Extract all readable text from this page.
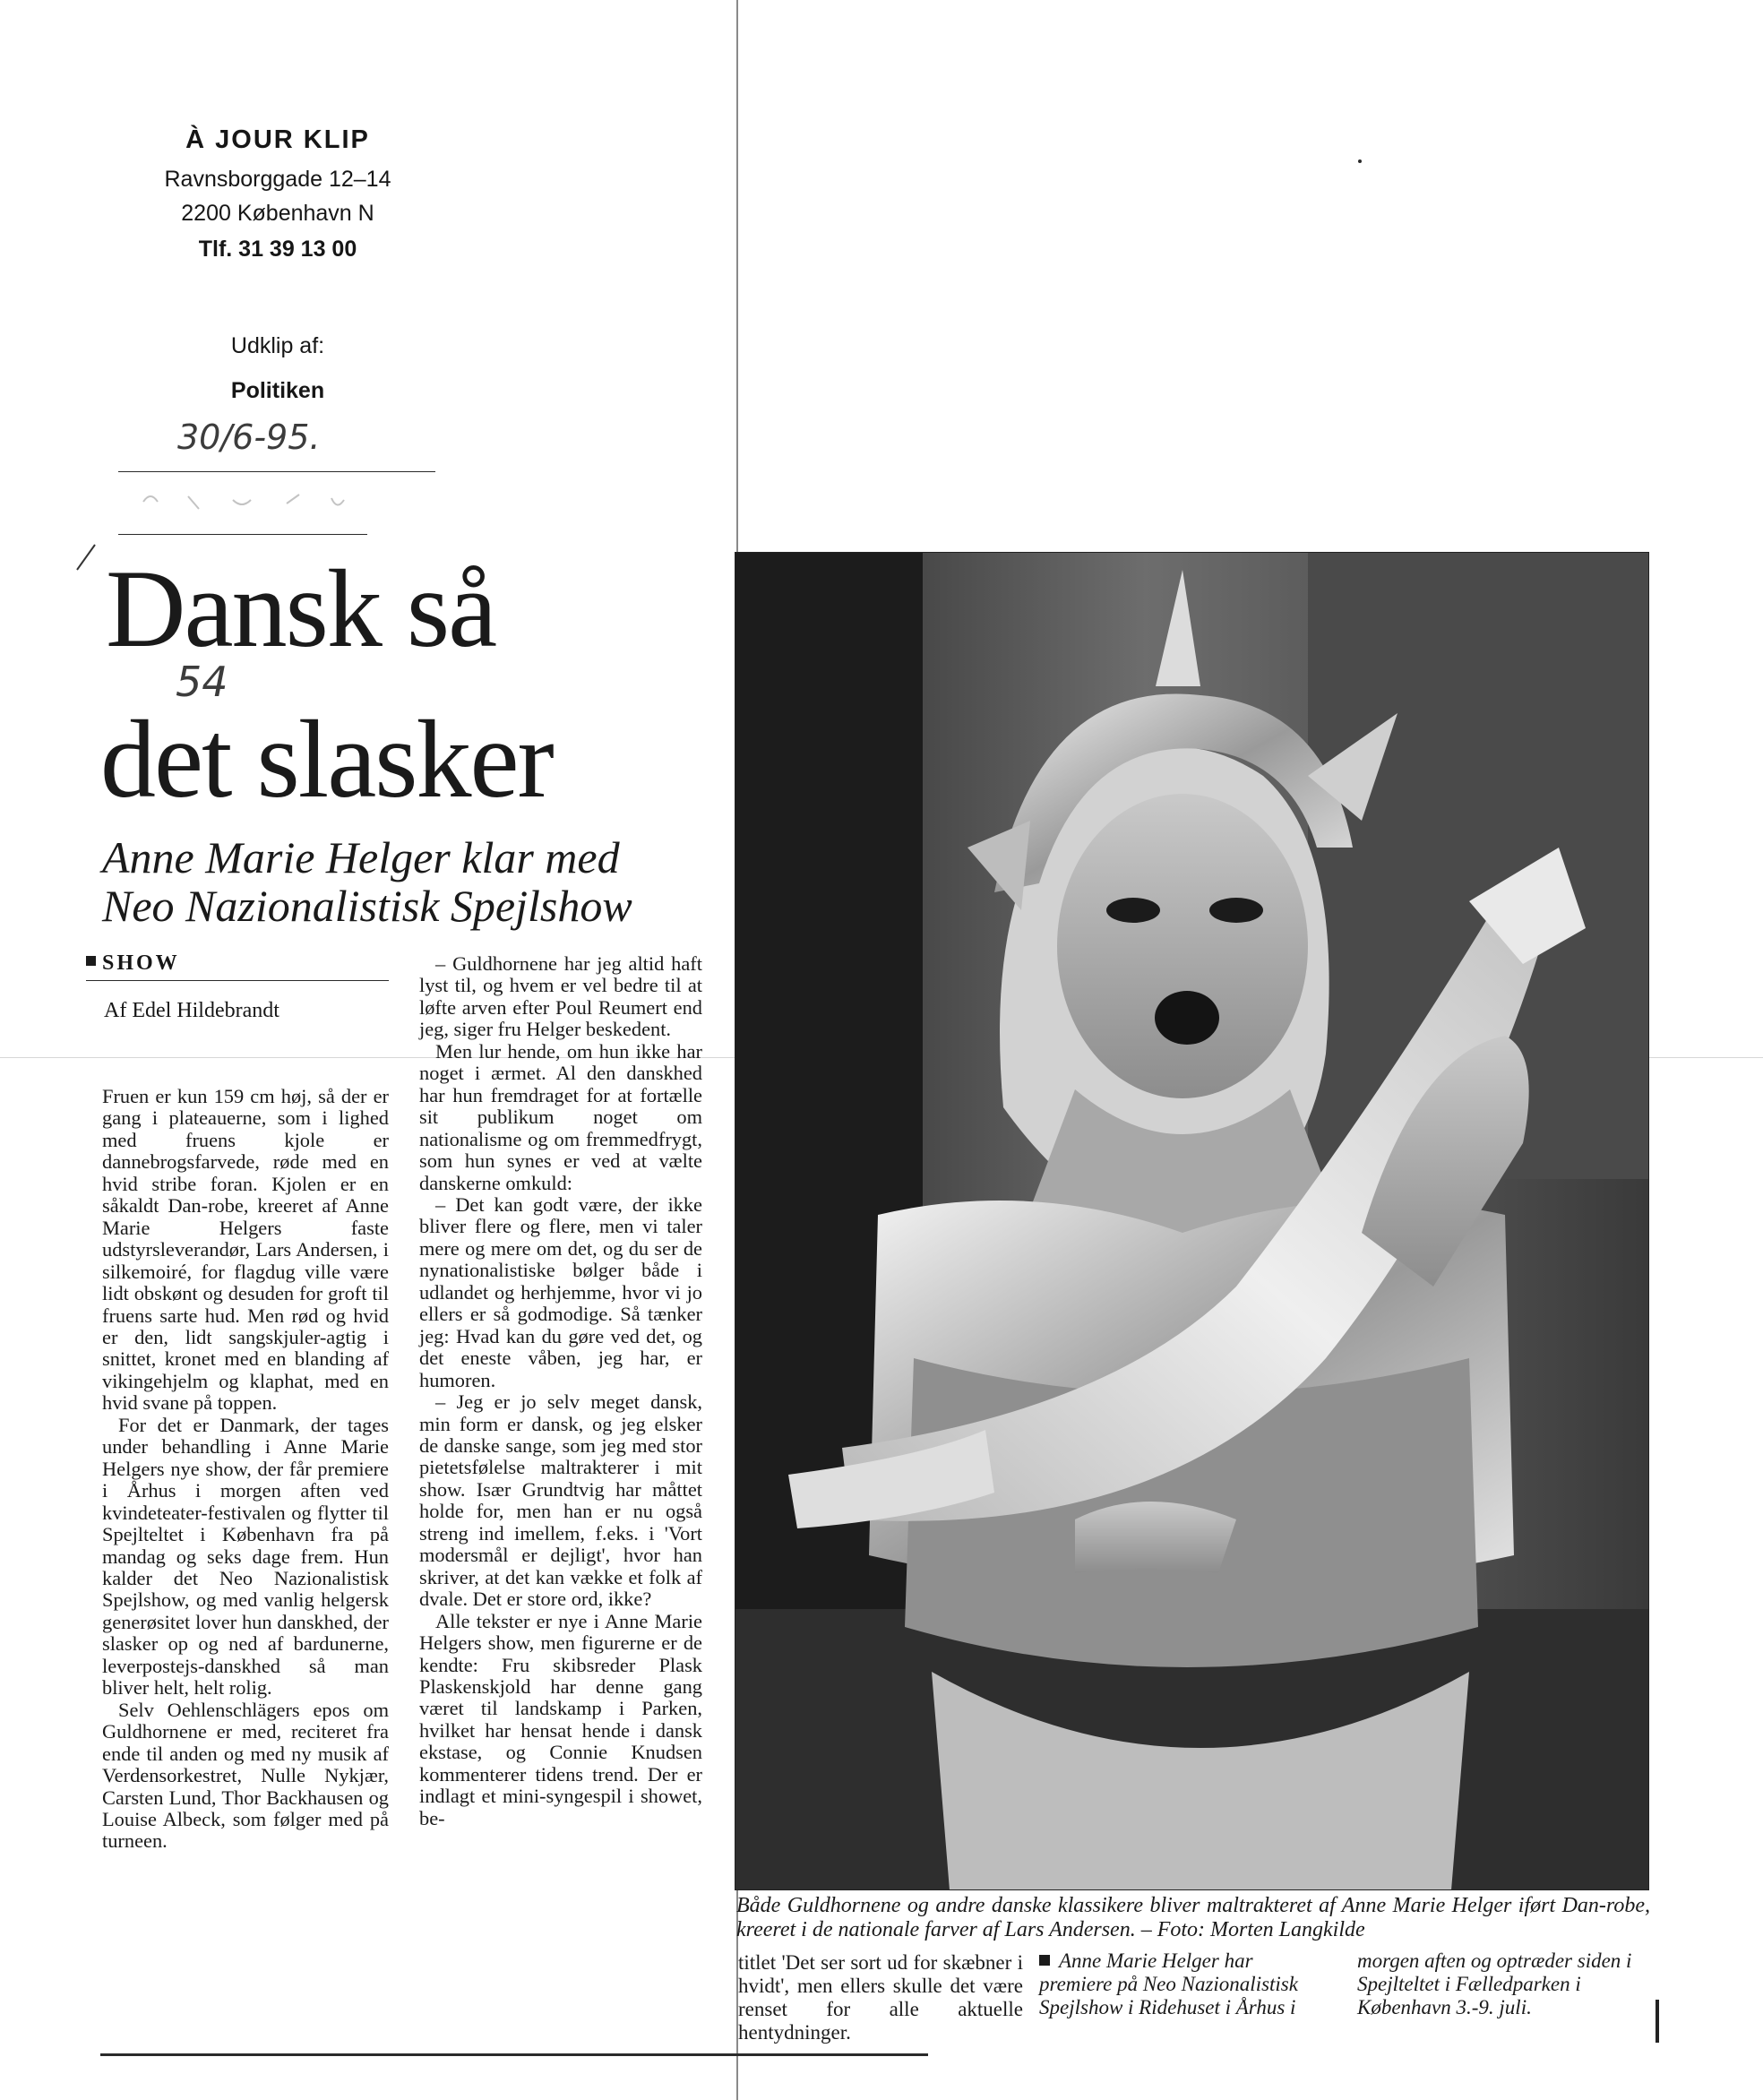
À JOUR KLIP
Ravnsborggade 12–14
2200 København N
Tlf. 31 39 13 00
Udklip af:
Politiken
30/6-95.
Dansk så
54
det slasker
Anne Marie Helger klar med
Neo Nazionalistisk Spejlshow
SHOW
Af Edel Hildebrandt

Fruen er kun 159 cm høj, så der er gang i plateauerne, som i lighed med fruens kjole er dannebrogsfarvede, røde med en hvid stribe foran. Kjolen er en såkaldt Dan-robe, kreeret af Anne Marie Helgers faste udstyrsleverandør, Lars Andersen, i silkemoiré, for flagdug ville være lidt obskønt og desuden for groft til fruens sarte hud. Men rød og hvid er den, lidt sangskjuler-agtig i snittet, kronet med en blanding af vikingehjelm og klaphat, med en hvid svane på toppen.

For det er Danmark, der tages under behandling i Anne Marie Helgers nye show, der får premiere i Århus i morgen aften ved kvindeteater-festivalen og flytter til Spejlteltet i København fra på mandag og seks dage frem. Hun kalder det Neo Nazionalistisk Spejlshow, og med vanlig helgersk generøsitet lover hun danskhed, der slasker op og ned af bardunerne, leverpostejs-danskhed så man bliver helt, helt rolig.

Selv Oehlenschlägers epos om Guldhornene er med, reciteret fra ende til anden og med ny musik af Verdensorkestret, Nulle Nykjær, Carsten Lund, Thor Backhausen og Louise Albeck, som følger med på turneen.

– Guldhornene har jeg altid haft lyst til, og hvem er vel bedre til at løfte arven efter Poul Reumert end jeg, siger fru Helger beskedent.

Men lur hende, om hun ikke har noget i ærmet. Al den danskhed har hun fremdraget for at fortælle sit publikum noget om nationalisme og om fremmedfrygt, som hun synes er ved at vælte danskerne omkuld:

– Det kan godt være, der ikke bliver flere og flere, men vi taler mere og mere om det, og du ser de nynationalistiske bølger både i udlandet og herhjemme, hvor vi jo ellers er så godmodige. Så tænker jeg: Hvad kan du gøre ved det, og det eneste våben, jeg har, er humoren.

– Jeg er jo selv meget dansk, min form er dansk, og jeg elsker de danske sange, som jeg med stor pietetsfølelse maltrakterer i mit show. Især Grundtvig har måttet holde for, men han er nu også streng ind imellem, f.eks. i 'Vort modersmål er dejligt', hvor han skriver, at det kan vække et folk af dvale. Det er store ord, ikke?

Alle tekster er nye i Anne Marie Helgers show, men figurerne er de kendte: Fru skibsreder Plask Plaskenskjold har denne gang været til landskamp i Parken, hvilket har hensat hende i dansk ekstase, og Connie Knudsen kommenterer tidens trend. Der er indlagt et mini-syngespil i showet, be-

Både Guldhornene og andre danske klassikere bliver maltrakteret af Anne Marie Helger iført Dan-robe, kreeret i de nationale farver af Lars Andersen. – Foto: Morten Langkilde

titlet 'Det ser sort ud for skæbner i hvidt', men ellers skulle det være renset for alle aktuelle hentydninger.

Anne Marie Helger har premiere på Neo Nazionalistisk Spejlshow i Ridehuset i Århus i morgen aften og optræder siden i Spejlteltet i Fælledparken i København 3.-9. juli.
